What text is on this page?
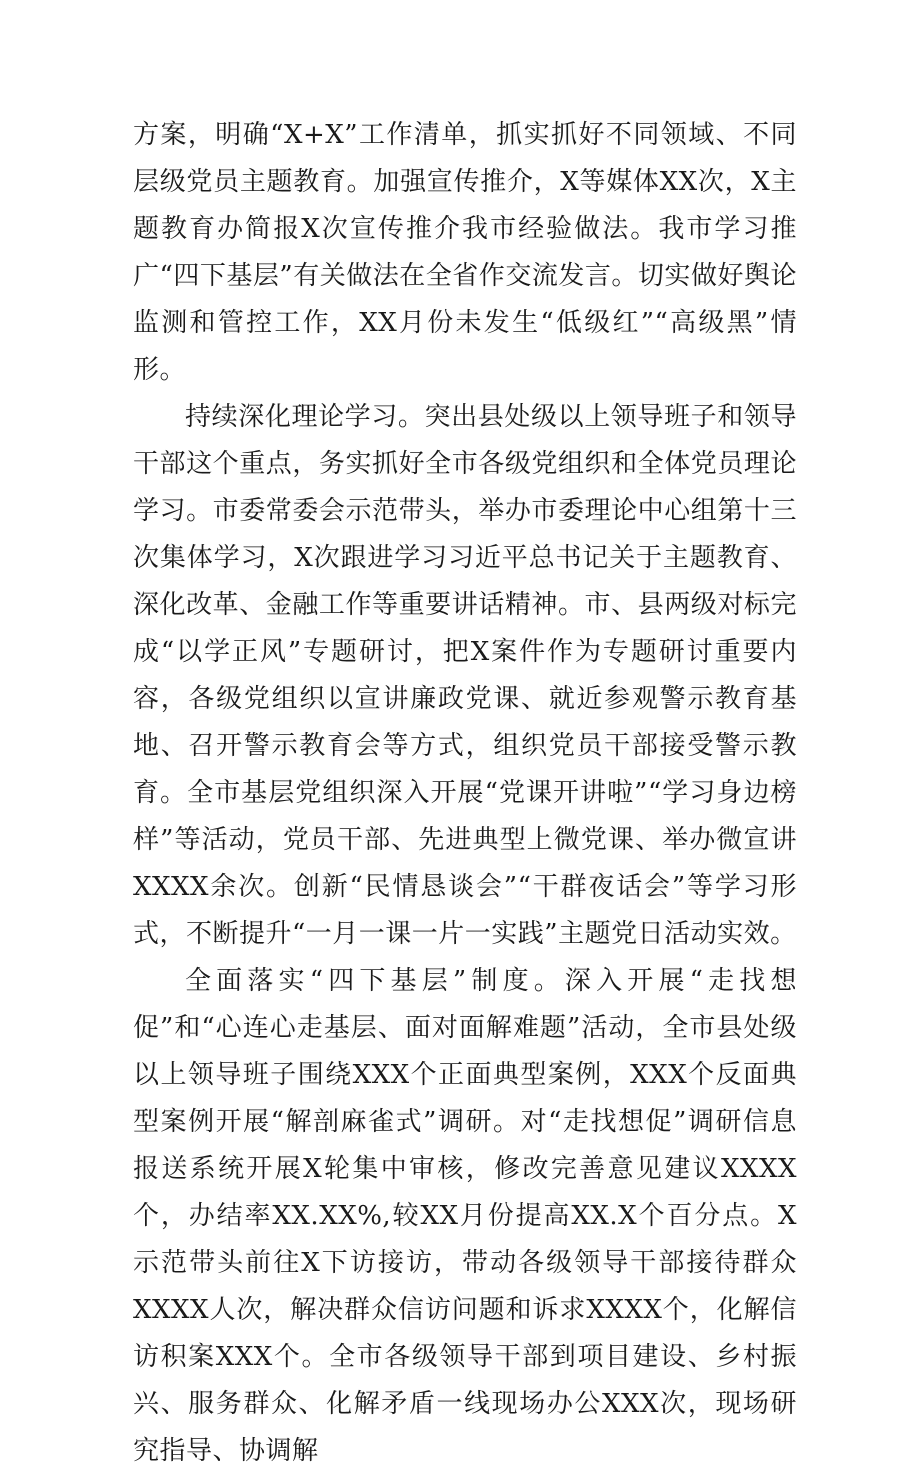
方案，明确“X+X”工作清单，抓实抓好不同领域、不同层级党员主题教育。加强宣传推介，X等媒体XX次，X主题教育办简报X次宣传推介我市经验做法。我市学习推广“四下基层”有关做法在全省作交流发言。切实做好舆论监测和管控工作，XX月份未发生“低级红”“高级黑”情形。

持续深化理论学习。突出县处级以上领导班子和领导干部这个重点，务实抓好全市各级党组织和全体党员理论学习。市委常委会示范带头，举办市委理论中心组第十三次集体学习，X次跟进学习习近平总书记关于主题教育、深化改革、金融工作等重要讲话精神。市、县两级对标完成“以学正风”专题研讨，把X案件作为专题研讨重要内容，各级党组织以宣讲廉政党课、就近参观警示教育基地、召开警示教育会等方式，组织党员干部接受警示教育。全市基层党组织深入开展“党课开讲啦”“学习身边榜样”等活动，党员干部、先进典型上微党课、举办微宣讲XXXX余次。创新“民情恳谈会”“干群夜话会”等学习形式，不断提升“一月一课一片一实践”主题党日活动实效。

全面落实“四下基层”制度。深入开展“走找想促”和“心连心走基层、面对面解难题”活动，全市县处级以上领导班子围绕XXX个正面典型案例，XXX个反面典型案例开展“解剖麻雀式”调研。对“走找想促”调研信息报送系统开展X轮集中审核，修改完善意见建议XXXX个，办结率XX.XX%,较XX月份提高XX.X个百分点。X示范带头前往X下访接访，带动各级领导干部接待群众XXXX人次，解决群众信访问题和诉求XXXX个，化解信访积案XXX个。全市各级领导干部到项目建设、乡村振兴、服务群众、化解矛盾一线现场办公XXX次，现场研究指导、协调解
